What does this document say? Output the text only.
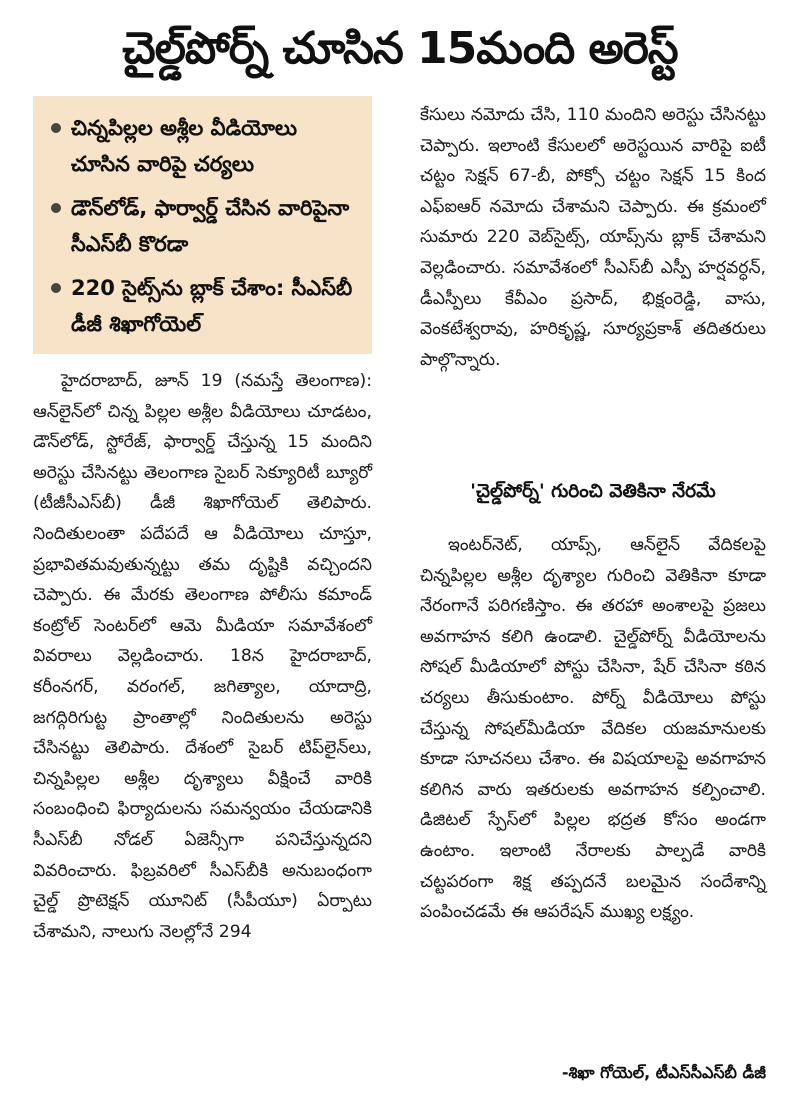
చైల్డ్‌పోర్న్ చూసిన 15మంది అరెస్ట్
చిన్నపిల్లల అశ్లీల వీడియోలు చూసిన వారిపై చర్యలు
డౌన్‌లోడ్, ఫార్వార్డ్ చేసిన వారిపైనా సీఎస్‌బీ కొరడా
220 సైట్స్‌ను బ్లాక్ చేశాం: సీఎస్‌బీ డీజీ శిఖాగోయెల్

హైదరాబాద్, జూన్ 19 (నమస్తే తెలంగాణ): ఆన్‌లైన్‌లో చిన్న పిల్లల అశ్లీల వీడియోలు చూడటం, డౌన్‌లోడ్, స్టోరేజ్, ఫార్వార్డ్ చేస్తున్న 15 మందిని అరెస్టు చేసినట్టు తెలంగాణ సైబర్ సెక్యూరిటీ బ్యూరో (టీజీసీఎస్‌బీ) డీజీ శిఖాగోయెల్ తెలిపారు. నిందితులంతా పదేపదే ఆ వీడియోలు చూస్తూ, ప్రభావితమవుతున్నట్టు తమ దృష్టికి వచ్చిందని చెప్పారు. ఈ మేరకు తెలంగాణ పోలీసు కమాండ్ కంట్రోల్ సెంటర్‌లో ఆమె మీడియా సమావేశంలో వివరాలు వెల్లడించారు. 18న హైదరాబాద్, కరీంనగర్, వరంగల్, జగిత్యాల, యాదాద్రి, జగద్గిరిగుట్ట ప్రాంతాల్లో నిందితులను అరెస్టు చేసినట్టు తెలిపారు. దేశంలో సైబర్ టిప్‌లైన్‌లు, చిన్నపిల్లల అశ్లీల దృశ్యాలు వీక్షించే వారికి సంబంధించి ఫిర్యాదులను సమన్వయం చేయడానికి సీఎస్‌బీ నోడల్ ఏజెన్సీగా పనిచేస్తున్నదని వివరించారు. ఫిబ్రవరిలో సీఎస్‌బీకి అనుబంధంగా చైల్డ్ ప్రొటెక్షన్ యూనిట్ (సీపీయూ) ఏర్పాటు చేశామని, నాలుగు నెలల్లోనే 294

కేసులు నమోదు చేసి, 110 మందిని అరెస్టు చేసినట్టు చెప్పారు. ఇలాంటి కేసులలో అరెస్టయిన వారిపై ఐటీ చట్టం సెక్షన్ 67-బీ, పోక్సో చట్టం సెక్షన్ 15 కింద ఎఫ్ఐఆర్ నమోదు చేశామని చెప్పారు. ఈ క్రమంలో సుమారు 220 వెబ్‌సైట్స్, యాప్స్‌ను బ్లాక్ చేశామని వెల్లడించారు. సమావేశంలో సీఎస్‌బీ ఎస్పీ హర్షవర్ధన్, డీఎస్పీలు కేవీఎం ప్రసాద్, భిక్షంరెడ్డి, వాసు, వెంకటేశ్వరావు, హరికృష్ణ, సూర్యప్రకాశ్ తదితరులు పాల్గొన్నారు.

'చైల్డ్‌పోర్న్' గురించి వెతికినా నేరమే

ఇంటర్‌నెట్, యాప్స్, ఆన్‌లైన్ వేదికలపై చిన్నపిల్లల అశ్లీల దృశ్యాల గురించి వెతికినా కూడా నేరంగానే పరిగణిస్తాం. ఈ తరహా అంశాలపై ప్రజలు అవగాహన కలిగి ఉండాలి. చైల్డ్‌పోర్న్ వీడియోలను సోషల్ మీడియాలో పోస్టు చేసినా, షేర్ చేసినా కఠిన చర్యలు తీసుకుంటాం. పోర్న్ వీడియోలు పోస్టు చేస్తున్న సోషల్‌మీడియా వేదికల యజమానులకు కూడా సూచనలు చేశాం. ఈ విషయాలపై అవగాహన కలిగిన వారు ఇతరులకు అవగాహన కల్పించాలి. డిజిటల్ స్పేస్‌లో పిల్లల భద్రత కోసం అండగా ఉంటాం. ఇలాంటి నేరాలకు పాల్పడే వారికి చట్టపరంగా శిక్ష తప్పదనే బలమైన సందేశాన్ని పంపించడమే ఈ ఆపరేషన్ ముఖ్య లక్ష్యం.

-శిఖా గోయెల్, టీఎస్‌సీఎస్‌బీ డీజీ
